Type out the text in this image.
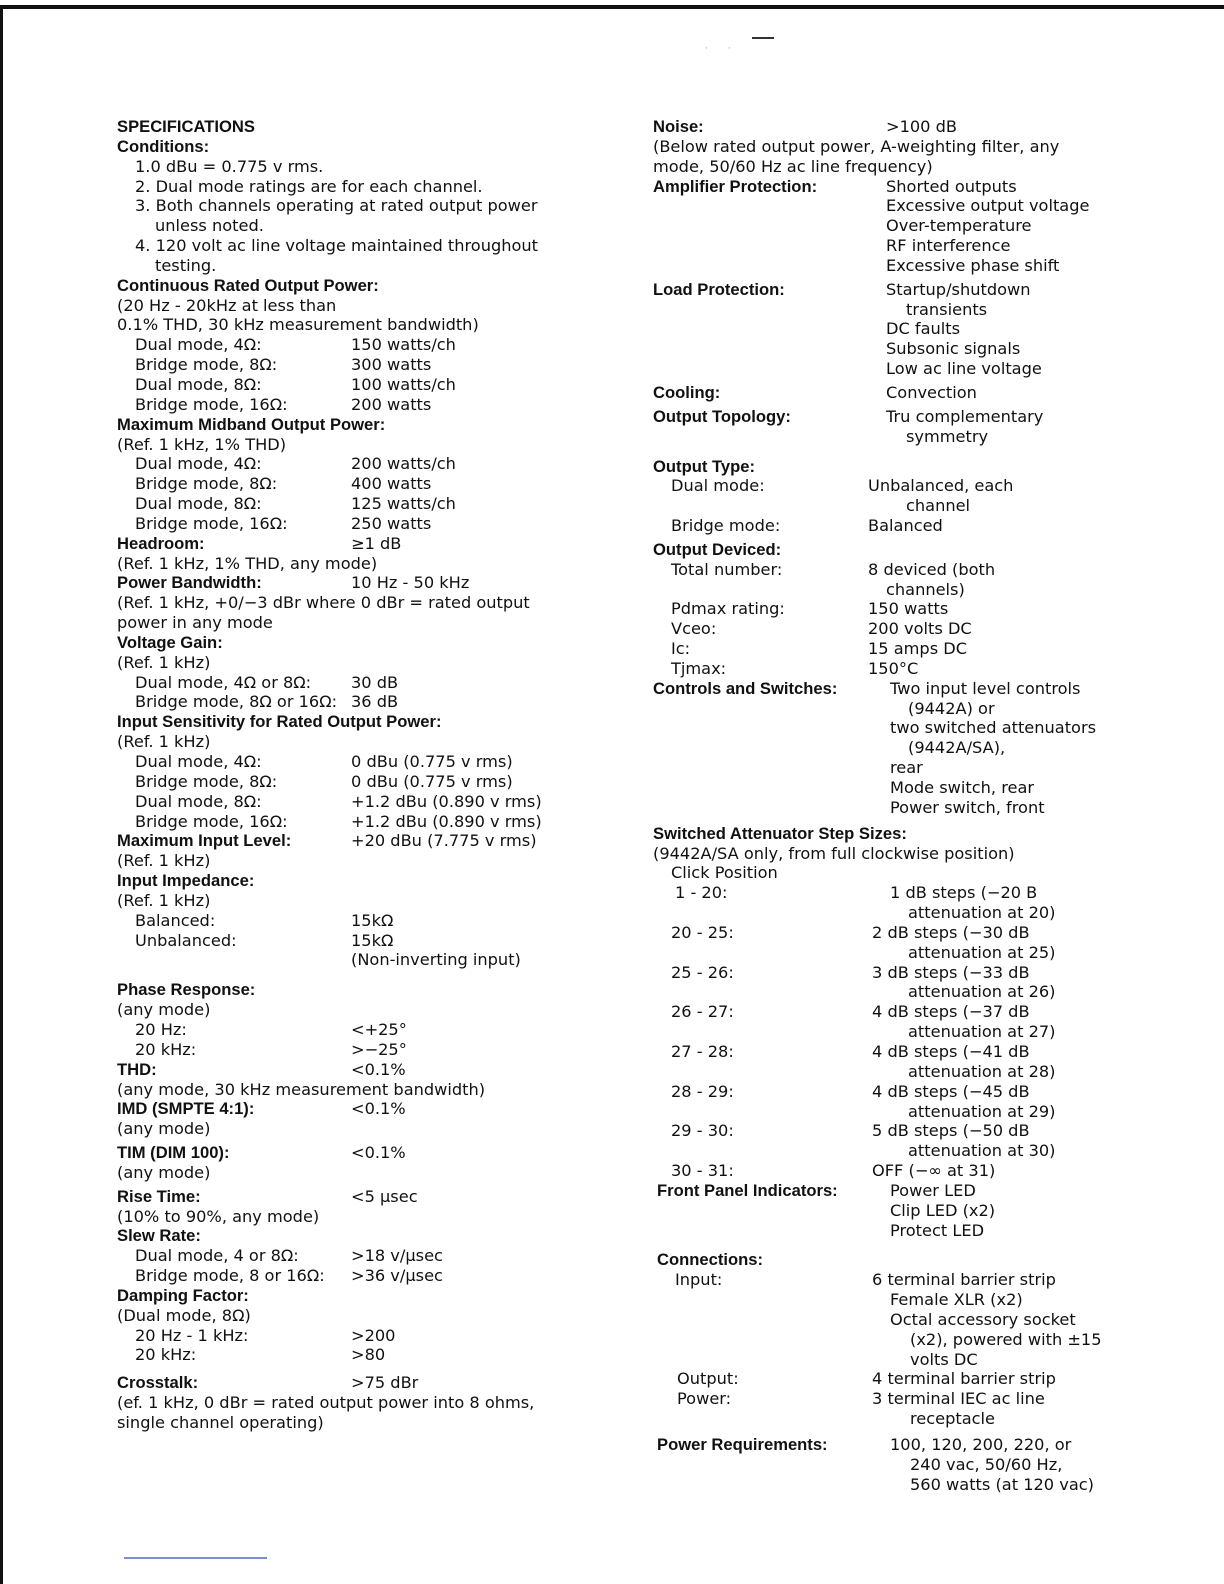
··
SPECIFICATIONS
Conditions:
1.0 dBu = 0.775 v rms.
2. Dual mode ratings are for each channel.
3. Both channels operating at rated output power
unless noted.
4. 120 volt ac line voltage maintained throughout
testing.
Continuous Rated Output Power:
(20 Hz - 20kHz at less than
0.1% THD, 30 kHz measurement bandwidth)
Dual mode, 4Ω:	150 watts/ch
Bridge mode, 8Ω:	300 watts
Dual mode, 8Ω:	100 watts/ch
Bridge mode, 16Ω:	200 watts
Maximum Midband Output Power:
(Ref. 1 kHz, 1% THD)
Dual mode, 4Ω:	200 watts/ch
Bridge mode, 8Ω:	400 watts
Dual mode, 8Ω:	125 watts/ch
Bridge mode, 16Ω:	250 watts
Headroom:	≥1 dB
(Ref. 1 kHz, 1% THD, any mode)
Power Bandwidth:	10 Hz - 50 kHz
(Ref. 1 kHz, +0/−3 dBr where 0 dBr = rated output
power in any mode
Voltage Gain:
(Ref. 1 kHz)
Dual mode, 4Ω or 8Ω: 30 dB
Bridge mode, 8Ω or 16Ω: 36 dB
Input Sensitivity for Rated Output Power:
(Ref. 1 kHz)
Dual mode, 4Ω:	0 dBu (0.775 v rms)
Bridge mode, 8Ω:	0 dBu (0.775 v rms)
Dual mode, 8Ω:	+1.2 dBu (0.890 v rms)
Bridge mode, 16Ω:	+1.2 dBu (0.890 v rms)
Maximum Input Level:	+20 dBu (7.775 v rms)
(Ref. 1 kHz)
Input Impedance:
(Ref. 1 kHz)
Balanced:	15kΩ
Unbalanced:	15kΩ
(Non-inverting input)
Phase Response:
(any mode)
20 Hz:	<+25°
20 kHz:	>−25°
THD:	<0.1%
(any mode, 30 kHz measurement bandwidth)
IMD (SMPTE 4:1):	<0.1%
(any mode)
TIM (DIM 100):	<0.1%
(any mode)
Rise Time:	<5 μsec
(10% to 90%, any mode)
Slew Rate:
Dual mode, 4 or 8Ω:	>18 v/μsec
Bridge mode, 8 or 16Ω: >36 v/μsec
Damping Factor:
(Dual mode, 8Ω)
20 Hz - 1 kHz:	>200
20 kHz:	>80
Crosstalk:	>75 dBr
(ef. 1 kHz, 0 dBr = rated output power into 8 ohms,
single channel operating)
Noise:	>100 dB
(Below rated output power, A-weighting filter, any
mode, 50/60 Hz ac line frequency)
Amplifier Protection:	Shorted outputs
Excessive output voltage
Over-temperature
RF interference
Excessive phase shift
Load Protection:	Startup/shutdown
transients
DC faults
Subsonic signals
Low ac line voltage
Cooling:	Convection
Output Topology:	Tru complementary
symmetry
Output Type:
Dual mode:	Unbalanced, each
channel
Bridge mode:	Balanced
Output Deviced:
Total number:	8 deviced (both
channels)
Pdmax rating:	150 watts
Vceo:	200 volts DC
Ic:	15 amps DC
Tjmax:	150°C
Controls and Switches:	Two input level controls
(9442A) or
two switched attenuators
(9442A/SA),
rear
Mode switch, rear
Power switch, front
Switched Attenuator Step Sizes:
(9442A/SA only, from full clockwise position)
Click Position
1 - 20:	1 dB steps (−20 B
attenuation at 20)
20 - 25:	2 dB steps (−30 dB
attenuation at 25)
25 - 26:	3 dB steps (−33 dB
attenuation at 26)
26 - 27:	4 dB steps (−37 dB
attenuation at 27)
27 - 28:	4 dB steps (−41 dB
attenuation at 28)
28 - 29:	4 dB steps (−45 dB
attenuation at 29)
29 - 30:	5 dB steps (−50 dB
attenuation at 30)
30 - 31:	OFF (−∞ at 31)
Front Panel Indicators:	Power LED
Clip LED (x2)
Protect LED
Connections:
Input:	6 terminal barrier strip
Female XLR (x2)
Octal accessory socket
(x2), powered with ±15
volts DC
Output:	4 terminal barrier strip
Power:	3 terminal IEC ac line
receptacle
Power Requirements:	100, 120, 200, 220, or
240 vac, 50/60 Hz,
560 watts (at 120 vac)
